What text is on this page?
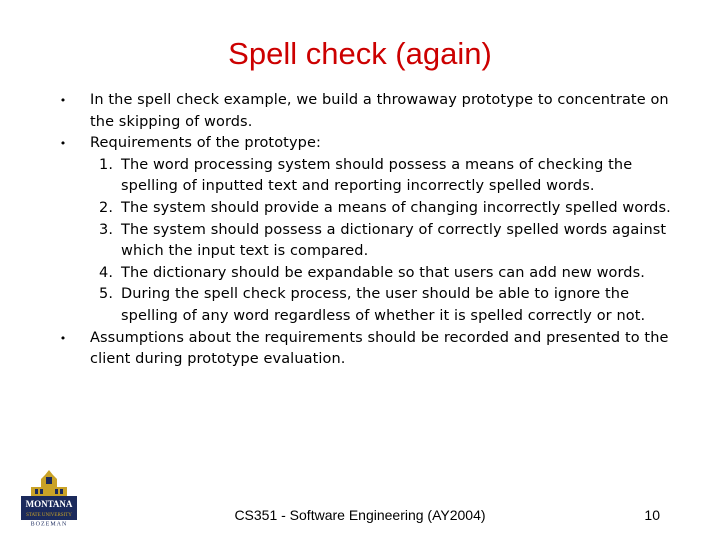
Spell check (again)
• In the spell check example, we build a throwaway prototype to concentrate on the skipping of words.
• Requirements of the prototype:
1. The word processing system should possess a means of checking the spelling of inputted text and reporting incorrectly spelled words.
2. The system should provide a means of changing incorrectly spelled words.
3. The system should possess a dictionary of correctly spelled words against which the input text is compared.
4. The dictionary should be expandable so that users can add new words.
5. During the spell check process, the user should be able to ignore the spelling of any word regardless of whether it is spelled correctly or not.
• Assumptions about the requirements should be recorded and presented to the client during prototype evaluation.
MONTANA
STATE UNIVERSITY
BOZEMAN
CS351 - Software Engineering (AY2004)	10
